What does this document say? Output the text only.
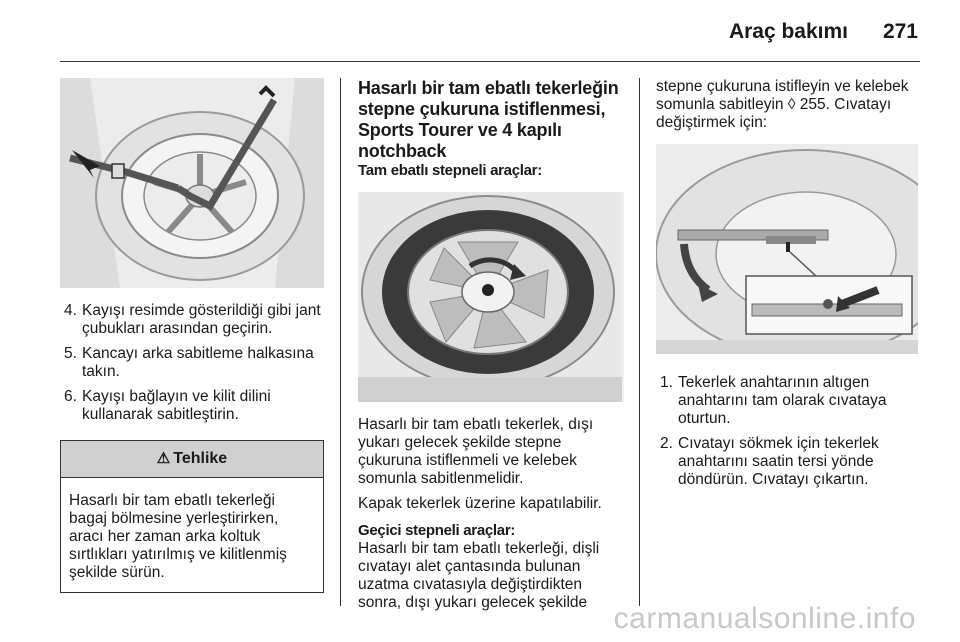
Araç bakımı 271
4. Kayışı resimde gösterildiği gibi jant çubukları arasından geçirin.
5. Kancayı arka sabitleme halkasına takın.
6. Kayışı bağlayın ve kilit dilini kullanarak sabitleştirin.
⚠ Tehlike
Hasarlı bir tam ebatlı tekerleği bagaj bölmesine yerleştirirken, aracı her zaman arka koltuk sırtlıkları yatırılmış ve kilitlenmiş şekilde sürün.
Hasarlı bir tam ebatlı tekerleğin stepne çukuruna istiflenmesi, Sports Tourer ve 4 kapılı notchback
Tam ebatlı stepneli araçlar:

Hasarlı bir tam ebatlı tekerlek, dışı yukarı gelecek şekilde stepne çukuruna istiflenmeli ve kelebek somunla sabitlenmelidir.

Kapak tekerlek üzerine kapatılabilir.

Geçici stepneli araçlar:

Hasarlı bir tam ebatlı tekerleği, dişli cıvatayı alet çantasında bulunan uzatma cıvatasıyla değiştirdikten sonra, dışı yukarı gelecek şekilde

stepne çukuruna istifleyin ve kelebek somunla sabitleyin ◊ 255. Cıvatayı değiştirmek için:

1. Tekerlek anahtarının altıgen anahtarını tam olarak cıvataya oturtun.
2. Cıvatayı sökmek için tekerlek anahtarını saatin tersi yönde döndürün. Cıvatayı çıkartın.
carmanualsonline.info
